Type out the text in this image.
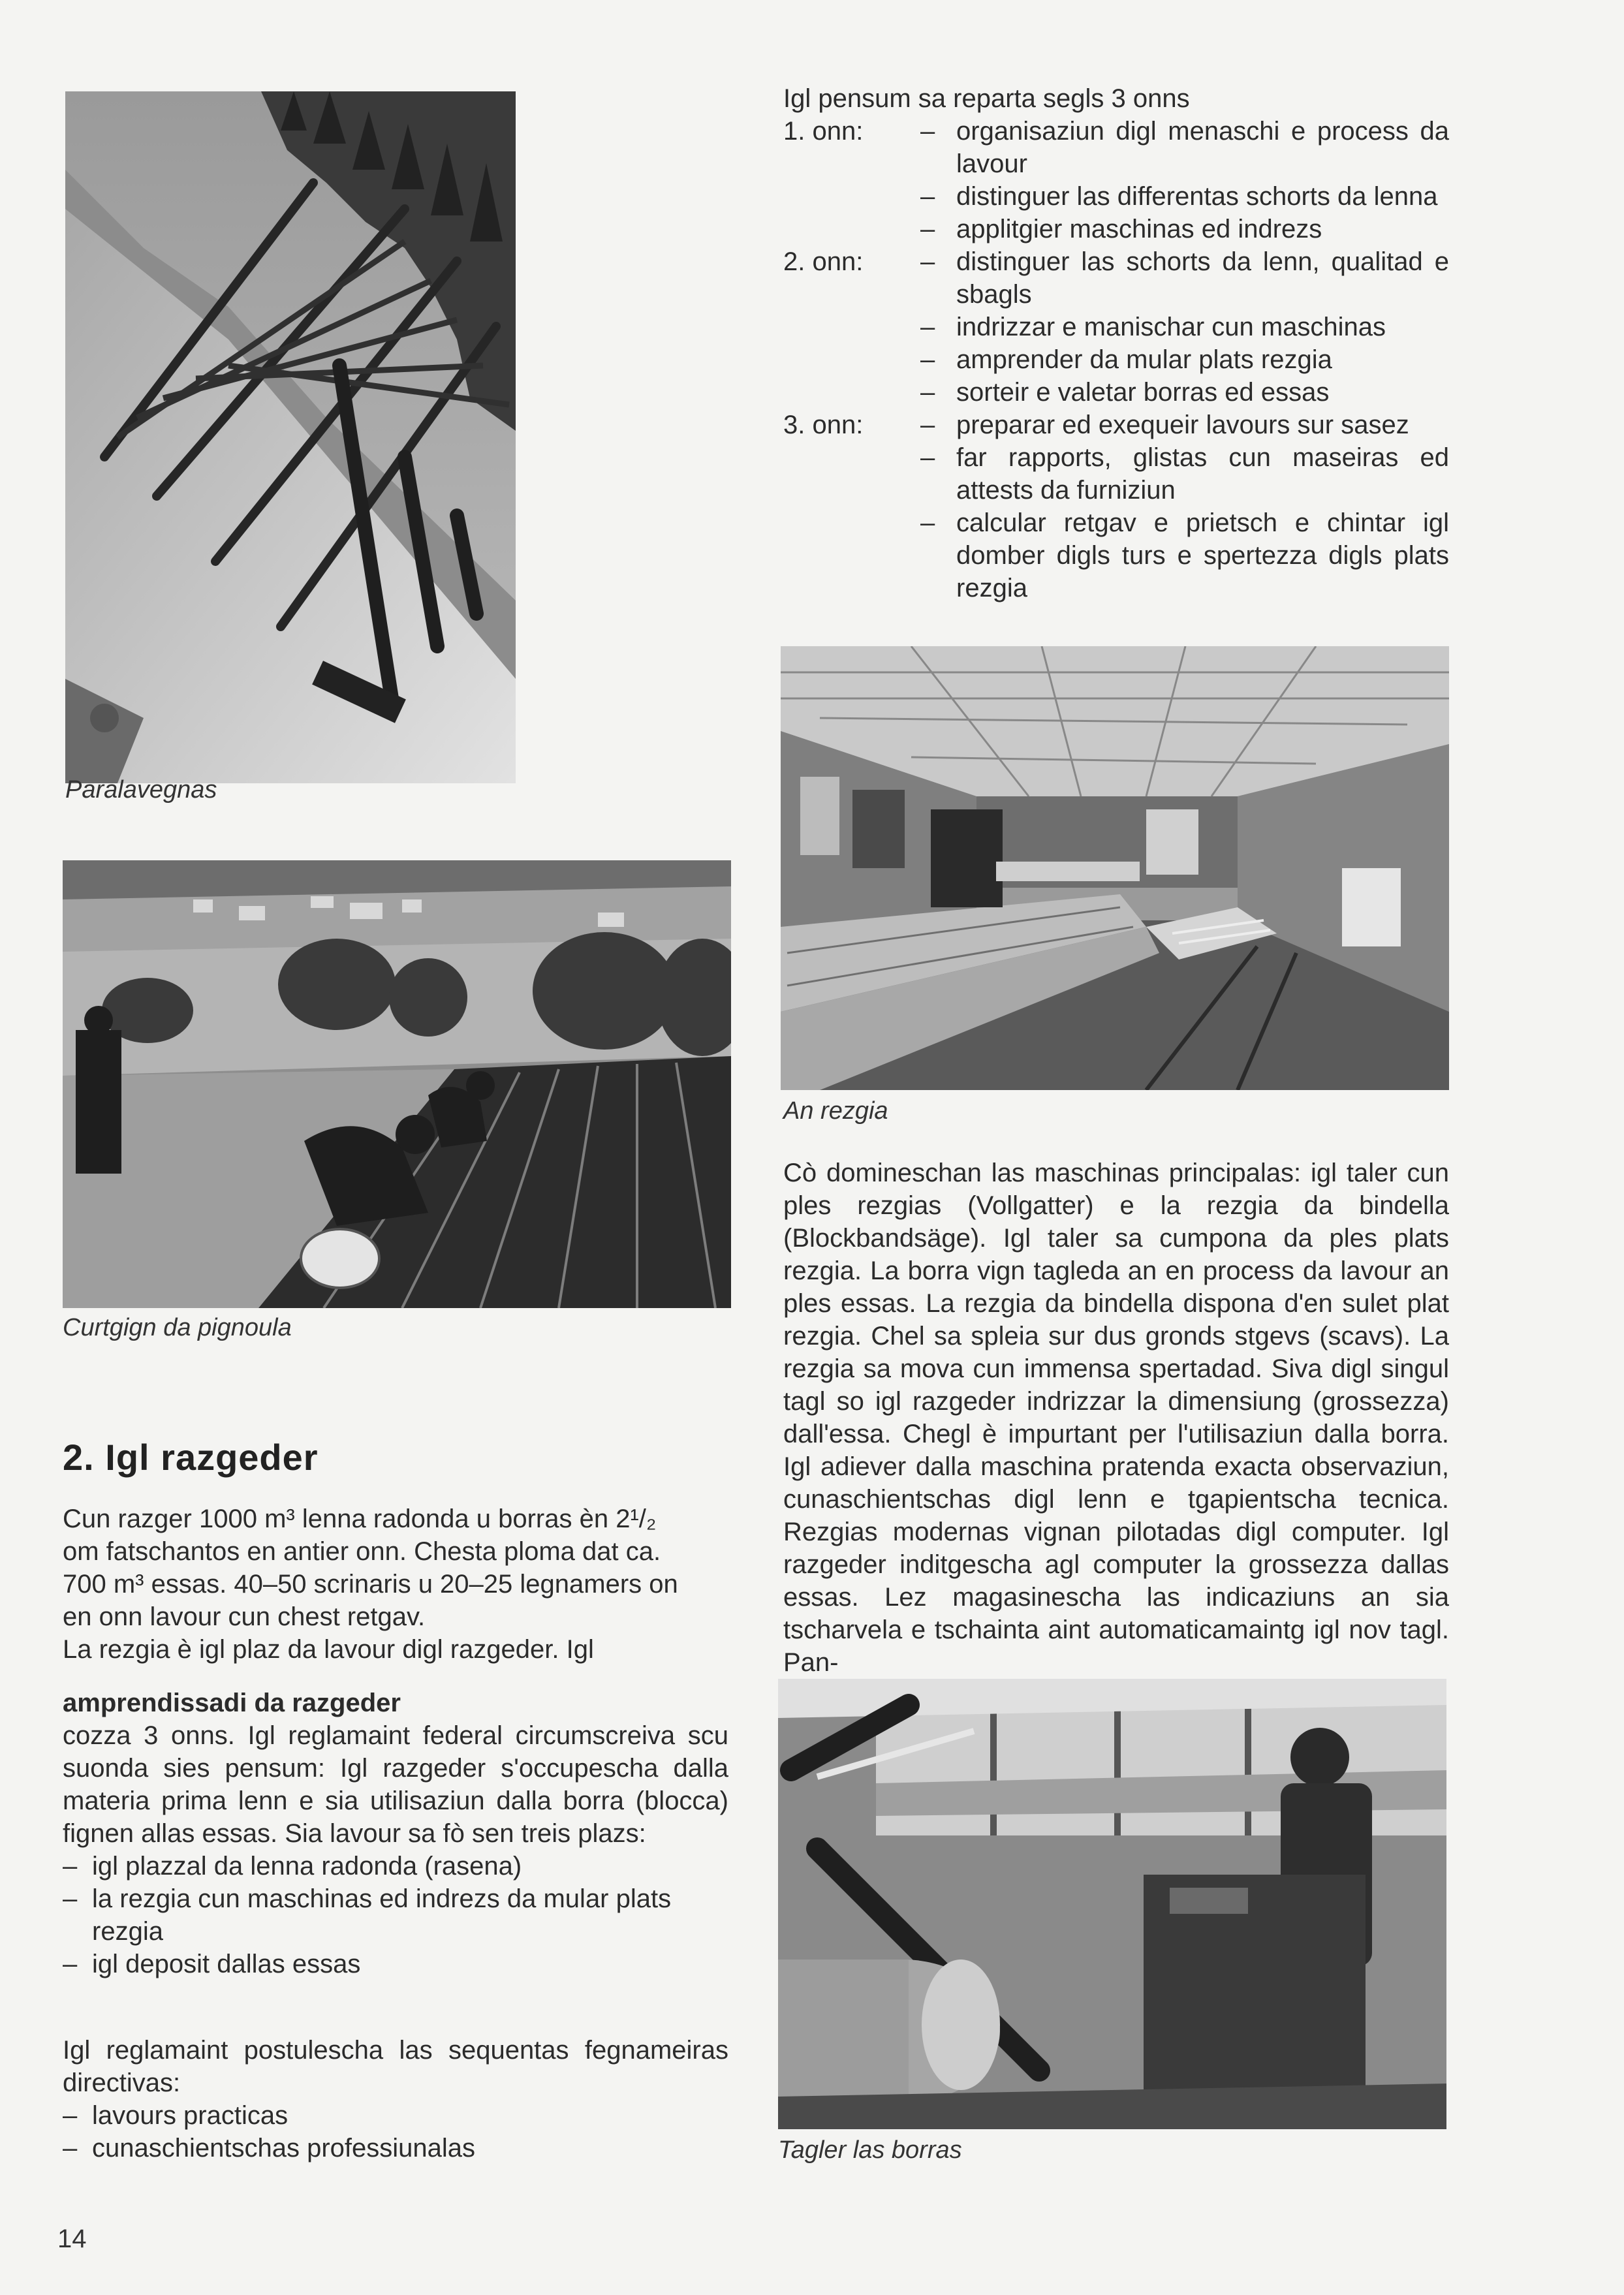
Paralavegnas
Curtgign da pignoula
Igl pensum sa reparta segls 3 onns
1. onn:	– organisaziun digl menaschi e process da lavour
– distinguer las differentas schorts da lenna
– applitgier maschinas ed indrezs
2. onn:	– distinguer las schorts da lenn, qualitad e sbagls
– indrizzar e manischar cun maschinas
– amprender da mular plats rezgia
– sorteir e valetar borras ed essas
3. onn:	– preparar ed exequeir lavours sur sasez
– far rapports, glistas cun maseiras ed attests da furniziun
– calcular retgav e prietsch e chintar igl domber digls turs e spertezza digls plats rezgia
An rezgia
2. Igl razgeder
Cun razger 1000 m³ lenna radonda u borras èn 2¹/₂
om fatschantos en antier onn. Chesta ploma dat ca.
700 m³ essas. 40–50 scrinaris u 20–25 legnamers on
en onn lavour cun chest retgav.
La rezgia è igl plaz da lavour digl razgeder. Igl
amprendissadi da razgeder

cozza 3 onns. Igl reglamaint federal circumscreiva scu suonda sies pensum: Igl razgeder s'occupescha dalla materia prima lenn e sia utilisaziun dalla borra (blocca) fignen allas essas. Sia lavour sa fò sen treis plazs:

– igl plazzal da lenna radonda (rasena)
– la rezgia cun maschinas ed indrezs da mular plats rezgia
– igl deposit dallas essas

Igl reglamaint postulescha las sequentas fegnameiras directivas:

– lavours practicas
– cunaschientschas professiunalas
Cò domineschan las maschinas principalas: igl taler cun ples rezgias (Vollgatter) e la rezgia da bindella (Blockbandsäge). Igl taler sa cumpona da ples plats rezgia. La borra vign tagleda an en process da lavour an ples essas. La rezgia da bindella dispona d'en sulet plat rezgia. Chel sa spleia sur dus gronds stgevs (scavs). La rezgia sa mova cun immensa spertadad. Siva digl singul tagl so igl razgeder indrizzar la dimensiung (grossezza) dall'essa. Chegl è impurtant per l'utilisaziun dalla borra. Igl adiever dalla maschina pratenda exacta observaziun, cunaschientschas digl lenn e tgapientscha tecnica. Rezgias modernas vignan pilotadas digl computer. Igl razgeder inditgescha agl computer la grossezza dallas essas. Lez magasinescha las indicaziuns an sia tscharvela e tschainta aint automaticamaintg igl nov tagl. Pan-
Tagler las borras
14
